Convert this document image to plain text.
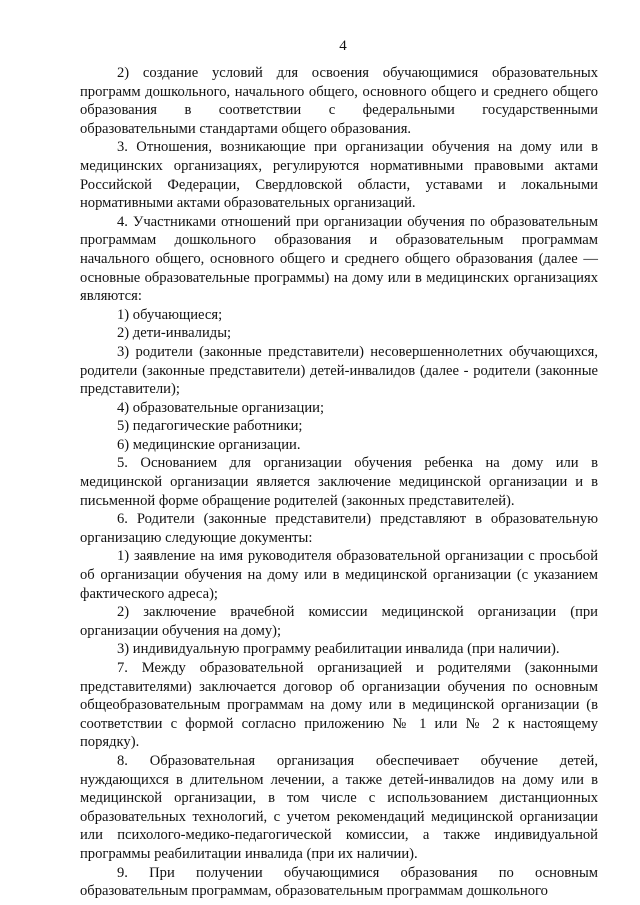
4

2) создание условий для освоения обучающимися образовательных программ дошкольного, начального общего, основного общего и среднего общего образования в соответствии с федеральными государственными образовательными стандартами общего образования.

3. Отношения, возникающие при организации обучения на дому или в медицинских организациях, регулируются нормативными правовыми актами Российской Федерации, Свердловской области, уставами и локальными нормативными актами образовательных организаций.

4. Участниками отношений при организации обучения по образовательным программам дошкольного образования и образовательным программам начального общего, основного общего и среднего общего образования (далее — основные образовательные программы) на дому или в медицинских организациях являются:

1) обучающиеся;

2) дети-инвалиды;

3) родители (законные представители) несовершеннолетних обучающихся, родители (законные представители) детей-инвалидов (далее - родители (законные представители);

4) образовательные организации;

5) педагогические работники;

6) медицинские организации.

5. Основанием для организации обучения ребенка на дому или в медицинской организации является заключение медицинской организации и в письменной форме обращение родителей (законных представителей).

6. Родители (законные представители) представляют в образовательную организацию следующие документы:

1) заявление на имя руководителя образовательной организации с просьбой об организации обучения на дому или в медицинской организации (с указанием фактического адреса);

2) заключение врачебной комиссии медицинской организации (при организации обучения на дому);

3) индивидуальную программу реабилитации инвалида (при наличии).

7. Между образовательной организацией и родителями (законными представителями) заключается договор об организации обучения по основным общеобразовательным программам на дому или в медицинской организации (в соответствии с формой согласно приложению № 1 или № 2 к настоящему порядку).

8. Образовательная организация обеспечивает обучение детей, нуждающихся в длительном лечении, а также детей-инвалидов на дому или в медицинской организации, в том числе с использованием дистанционных образовательных технологий, с учетом рекомендаций медицинской организации или психолого-медико-педагогической комиссии, а также индивидуальной программы реабилитации инвалида (при их наличии).

9. При получении обучающимися образования по основным образовательным программам, образовательным программам дошкольного
